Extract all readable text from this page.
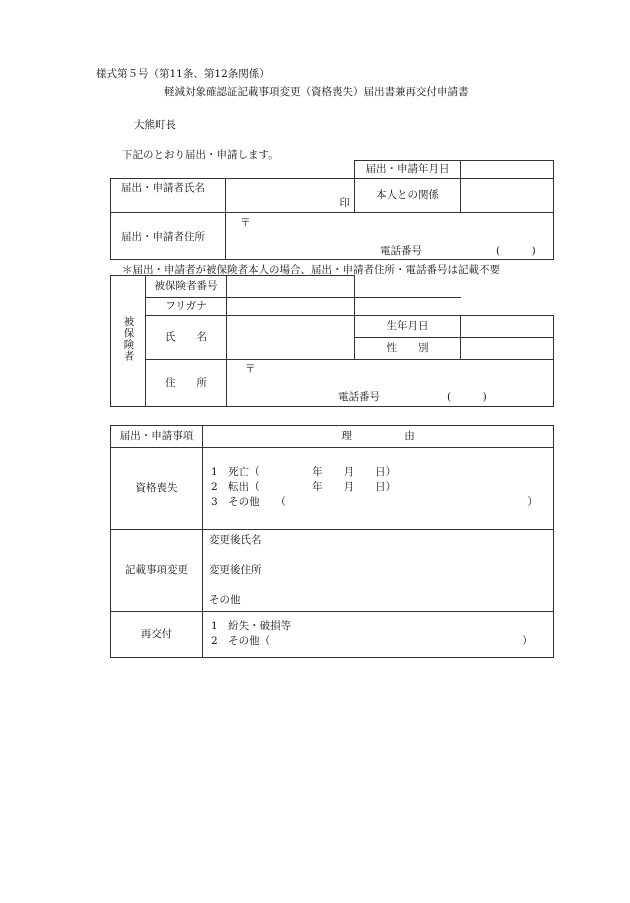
様式第５号（第11条、第12条関係）
軽減対象確認証記載事項変更（資格喪失）届出書兼再交付申請書
大熊町長
下記のとおり届出・申請します。
		届出・申請年月日	

届出・申請者氏名	印	本人との関係	

届出・申請者住所	〒
電話番号 (　　　)		
＊届出・申請者が被保険者本人の場合、届出・申請者住所・電話番号は記載不要
被保険者	被保険者番号			
	フリガナ			
	氏　　名		生年月日	
			性　　別	
	住　　所	〒
電話番号 (　　　)		
届出・申請事項	理　　　　　由
資格喪失	1　死亡（　　　　　年　　月　　日）
2　転出（　　　　　年　　月　　日）
3　その他　　（　　　　　　　　　　　　　　　　　　　　　　　）

記載事項変更	変更後氏名
変更後住所
その他

再交付	1　紛失・破損等
2　その他（　　　　　　　　　　　　　　　　　　　　　　　　）
